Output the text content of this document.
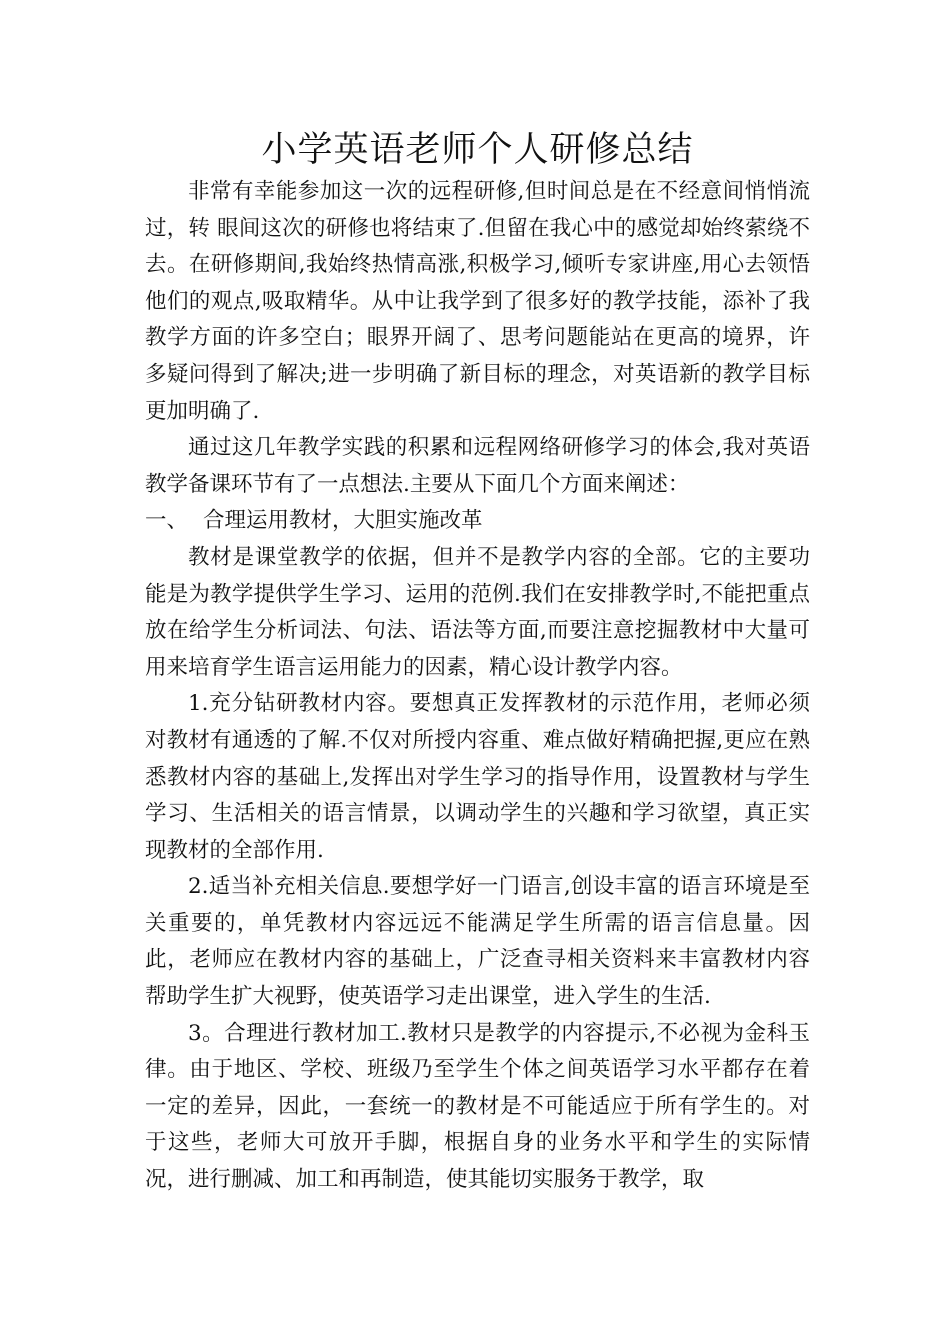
小学英语老师个人研修总结

非常有幸能参加这一次的远程研修,但时间总是在不经意间悄悄流过，转 眼间这次的研修也将结束了.但留在我心中的感觉却始终萦绕不去。在研修期间,我始终热情高涨,积极学习,倾听专家讲座,用心去领悟他们的观点,吸取精华。从中让我学到了很多好的教学技能，添补了我教学方面的许多空白；眼界开阔了、思考问题能站在更高的境界，许多疑问得到了解决;进一步明确了新目标的理念，对英语新的教学目标更加明确了.

通过这几年教学实践的积累和远程网络研修学习的体会,我对英语教学备课环节有了一点想法.主要从下面几个方面来阐述：

一、 合理运用教材，大胆实施改革

教材是课堂教学的依据，但并不是教学内容的全部。它的主要功能是为教学提供学生学习、运用的范例.我们在安排教学时,不能把重点放在给学生分析词法、句法、语法等方面,而要注意挖掘教材中大量可用来培育学生语言运用能力的因素，精心设计教学内容。

1.充分钻研教材内容。要想真正发挥教材的示范作用，老师必须对教材有通透的了解.不仅对所授内容重、难点做好精确把握,更应在熟悉教材内容的基础上,发挥出对学生学习的指导作用，设置教材与学生学习、生活相关的语言情景，以调动学生的兴趣和学习欲望，真正实现教材的全部作用.

2.适当补充相关信息.要想学好一门语言,创设丰富的语言环境是至关重要的，单凭教材内容远远不能满足学生所需的语言信息量。因此，老师应在教材内容的基础上，广泛查寻相关资料来丰富教材内容帮助学生扩大视野，使英语学习走出课堂，进入学生的生活.

3。合理进行教材加工.教材只是教学的内容提示,不必视为金科玉律。由于地区、学校、班级乃至学生个体之间英语学习水平都存在着一定的差异，因此，一套统一的教材是不可能适应于所有学生的。对于这些，老师大可放开手脚，根据自身的业务水平和学生的实际情况，进行删减、加工和再制造，使其能切实服务于教学，取
